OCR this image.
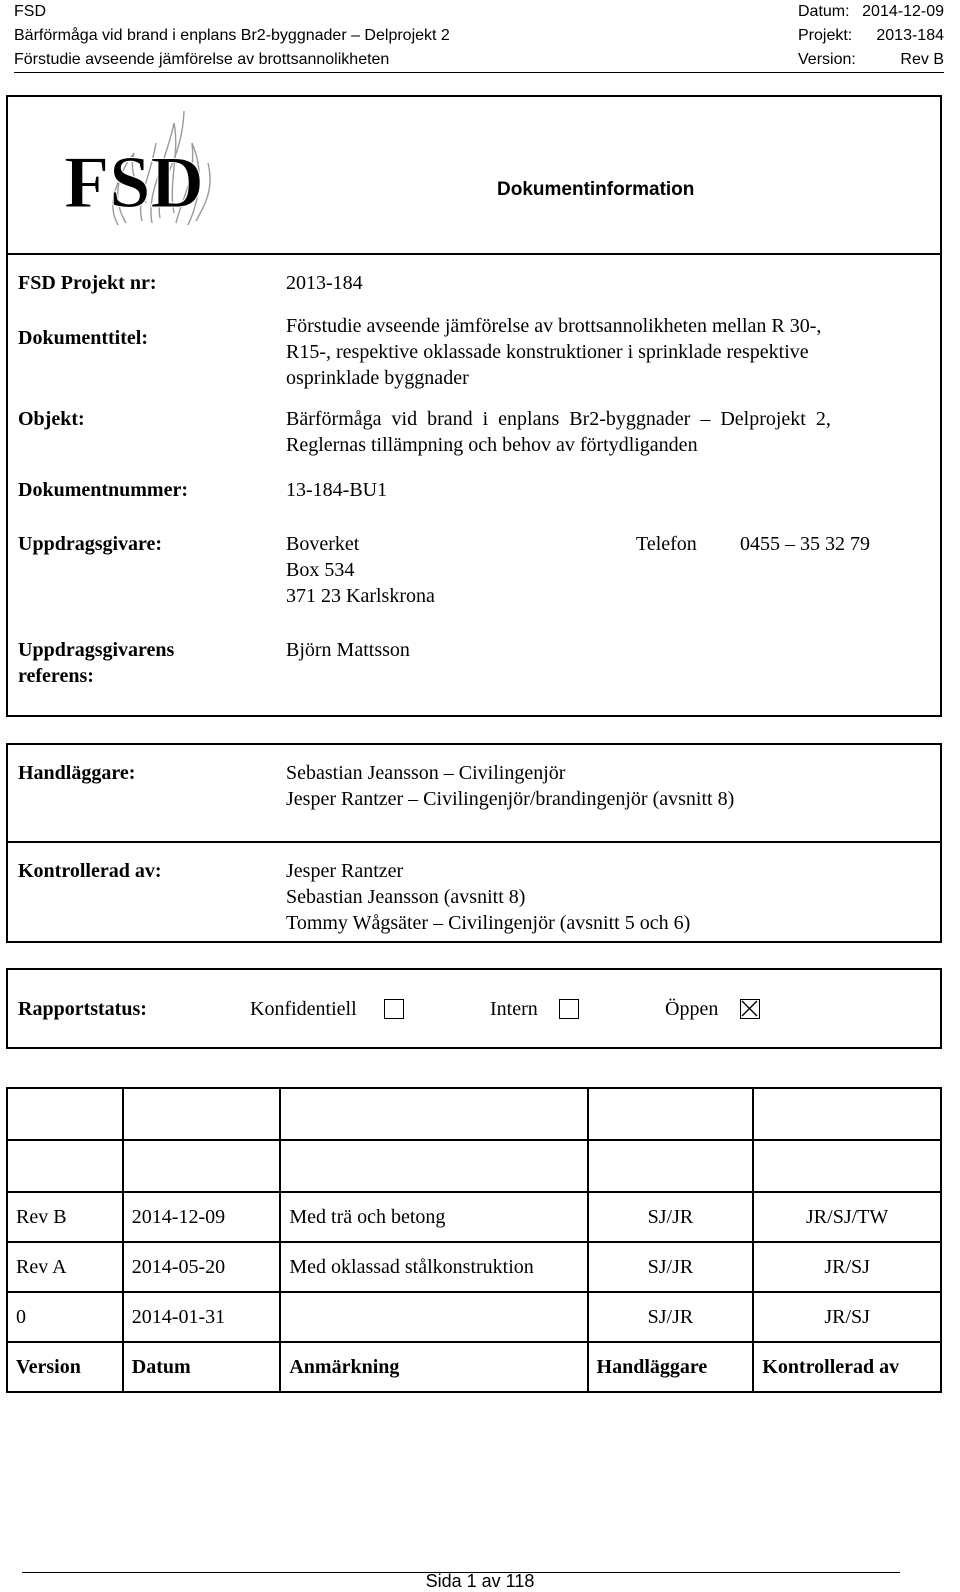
FSD	Datum: 2014-12-09
Bärförmåga vid brand i enplans Br2-byggnader – Delprojekt 2	Projekt: 2013-184
Förstudie avseende jämförelse av brottsannolikheten	Version:	Rev B
FSD	Dokumentinformation
FSD Projekt nr:	2013-184
Dokumenttitel:
Förstudie avseende jämförelse av brottsannolikheten mellan R 30-,
R15-, respektive oklassade konstruktioner i sprinklade respektive
osprinklade byggnader
Objekt:	Bärförmåga  vid  brand  i  enplans  Br2-byggnader  –  Delprojekt  2,
Reglernas tillämpning och behov av förtydliganden
Dokumentnummer:	13-184-BU1
Uppdragsgivare:	Boverket
Box 534
371 23 Karlskrona
Telefon 0455 – 35 32 79
Uppdragsgivarens
referens:
Björn Mattsson
Handläggare:	Sebastian Jeansson – Civilingenjör
Jesper Rantzer – Civilingenjör/brandingenjör (avsnitt 8)
Kontrollerad av:	Jesper Rantzer
Sebastian Jeansson (avsnitt 8)
Tommy Wågsäter – Civilingenjör (avsnitt 5 och 6)
Rapportstatus:	Konfidentiell	Intern	Öppen

Rev B	2014-12-09	Med trä och betong	SJ/JR	JR/SJ/TW
Rev A	2014-05-20	Med oklassad stålkonstruktion	SJ/JR	JR/SJ
0	2014-01-31		SJ/JR	JR/SJ
Version	Datum	Anmärkning	Handläggare	Kontrollerad av
Sida 1 av 118
